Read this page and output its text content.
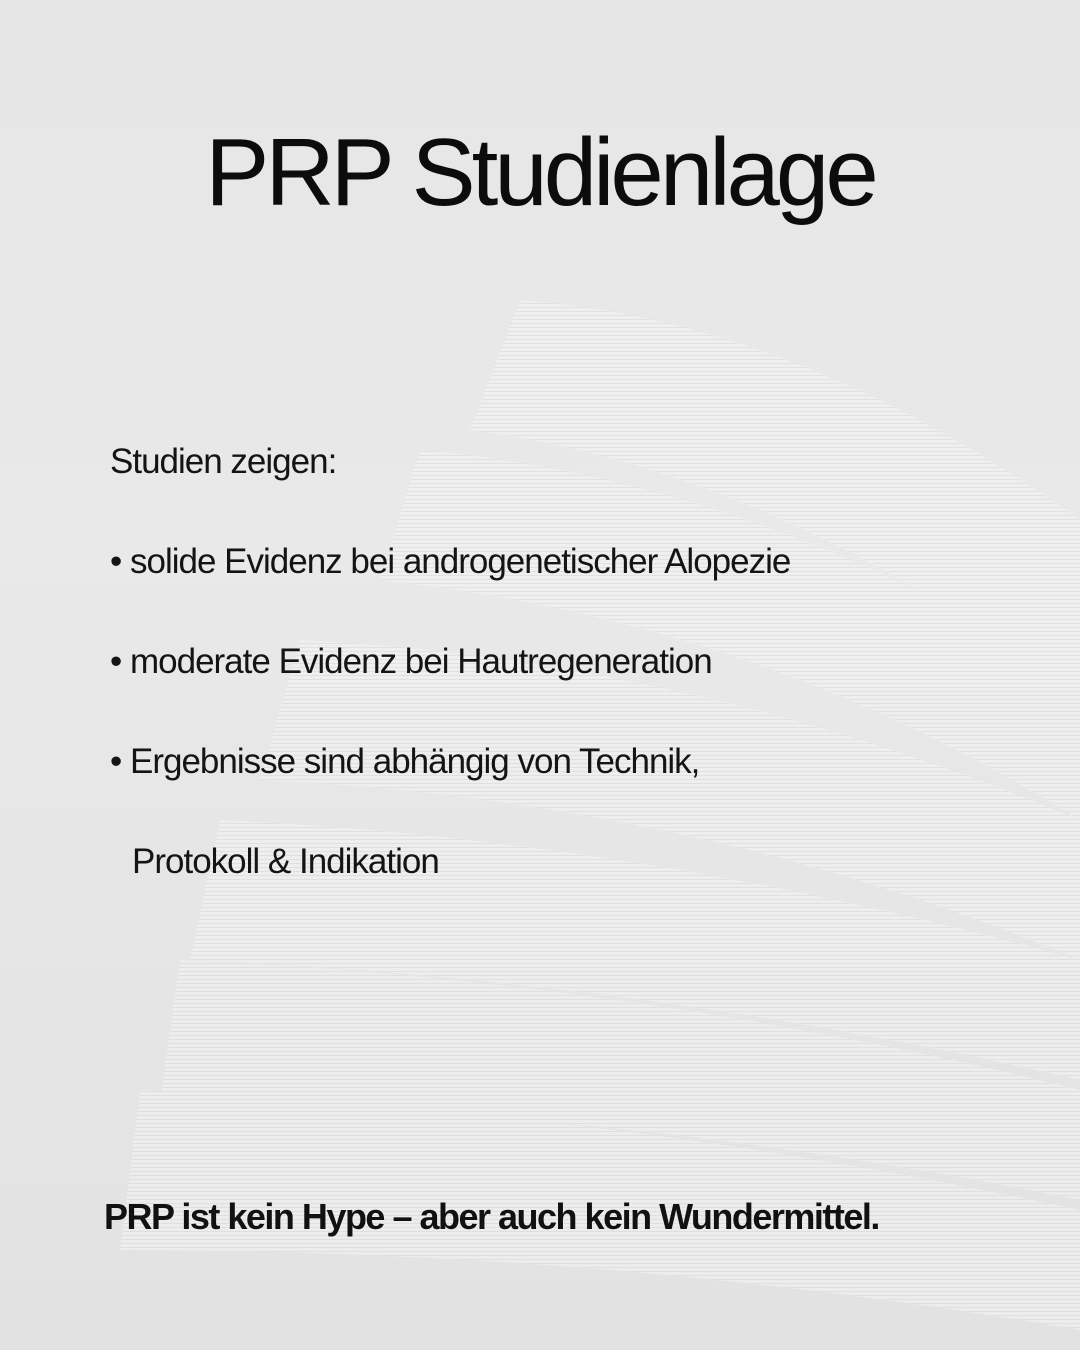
PRP Studienlage
Studien zeigen:
• solide Evidenz bei androgenetischer Alopezie
• moderate Evidenz bei Hautregeneration
• Ergebnisse sind abhängig von Technik,
Protokoll & Indikation
PRP ist kein Hype – aber auch kein Wundermittel.
